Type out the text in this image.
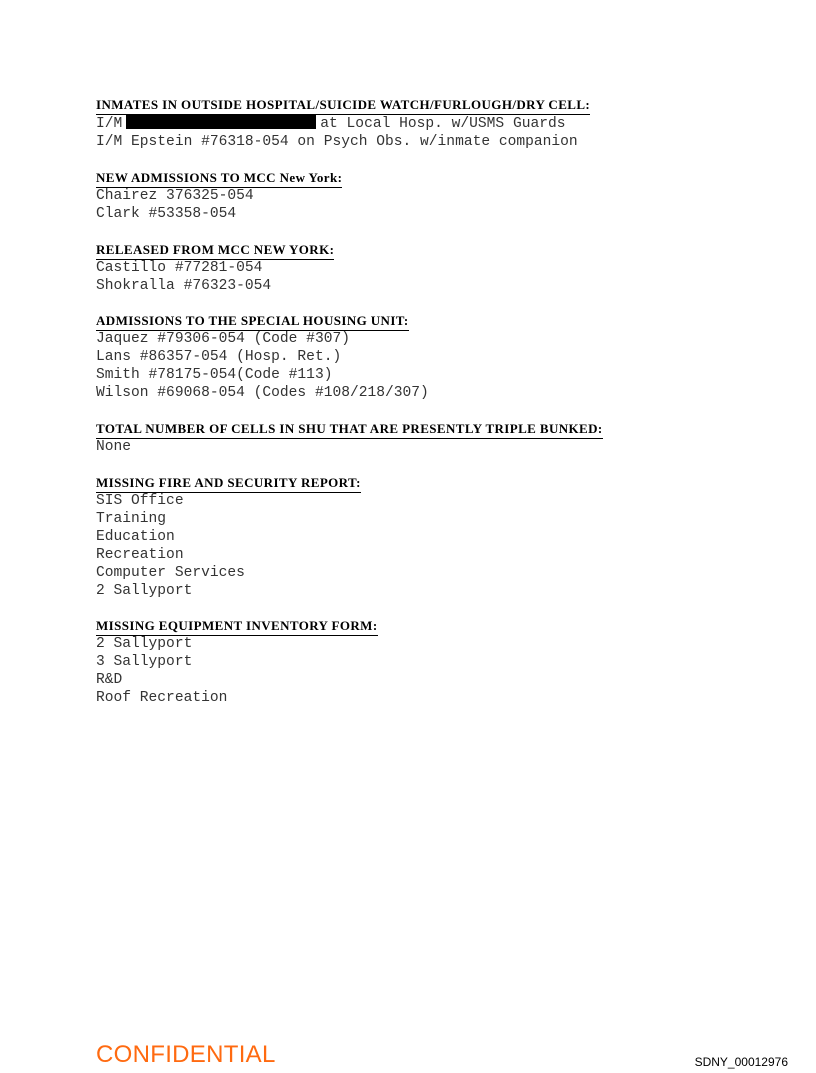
INMATES IN OUTSIDE HOSPITAL/SUICIDE WATCH/FURLOUGH/DRY CELL:
I/M	at Local Hosp. w/USMS Guards
I/M Epstein #76318-054 on Psych Obs. w/inmate companion
NEW ADMISSIONS TO MCC New York:
Chairez 376325-054
Clark #53358-054
RELEASED FROM MCC NEW YORK:
Castillo #77281-054
Shokralla #76323-054
ADMISSIONS TO THE SPECIAL HOUSING UNIT:
Jaquez #79306-054 (Code #307)
Lans #86357-054 (Hosp. Ret.)
Smith #78175-054(Code #113)
Wilson #69068-054 (Codes #108/218/307)
TOTAL NUMBER OF CELLS IN SHU THAT ARE PRESENTLY TRIPLE BUNKED:
None
MISSING FIRE AND SECURITY REPORT:
SIS Office
Training
Education
Recreation
Computer Services
2 Sallyport
MISSING EQUIPMENT INVENTORY FORM:
2 Sallyport
3 Sallyport
R&D
Roof Recreation
CONFIDENTIAL	SDNY_00012976
